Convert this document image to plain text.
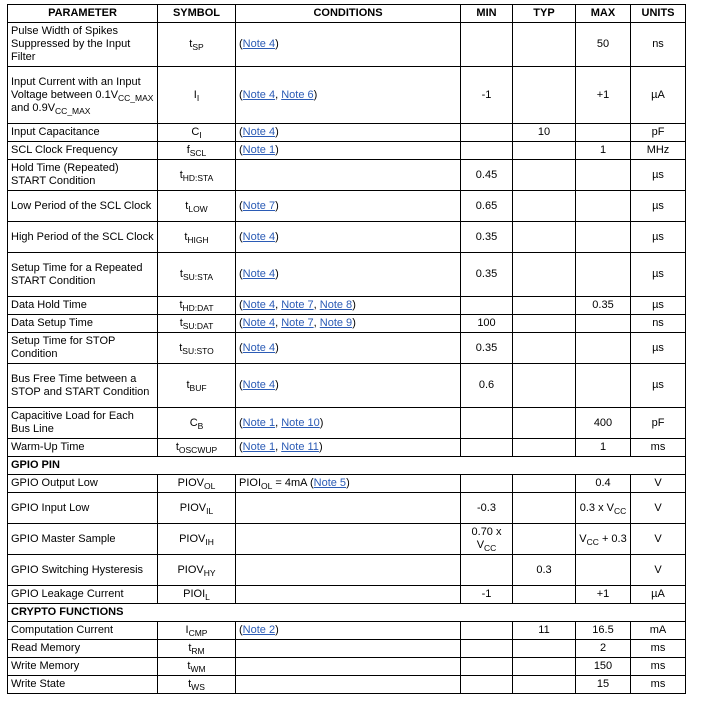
PARAMETER	SYMBOL	CONDITIONS	MIN	TYP	MAX	UNITS
Pulse Width of Spikes Suppressed by the Input Filter	$t_{SP}$	(Note 4)			50	ns
Input Current with an Input Voltage between $0.1V_{CC\_MAX}$ and $0.9V_{CC\_MAX}$	$I_I$	(Note 4, Note 6)	-1		+1	µA
Input Capacitance	$C_I$	(Note 4)		10		pF
SCL Clock Frequency	$f_{SCL}$	(Note 1)			1	MHz
Hold Time (Repeated) START Condition	$t_{HD:STA}$		0.45			µs
Low Period of the SCL Clock	$t_{LOW}$	(Note 7)	0.65			µs
High Period of the SCL Clock	$t_{HIGH}$	(Note 4)	0.35			µs
Setup Time for a Repeated START Condition	$t_{SU:STA}$	(Note 4)	0.35			µs
Data Hold Time	$t_{HD:DAT}$	(Note 4, Note 7, Note 8)			0.35	µs
Data Setup Time	$t_{SU:DAT}$	(Note 4, Note 7, Note 9)	100			ns
Setup Time for STOP Condition	$t_{SU:STO}$	(Note 4)	0.35			µs
Bus Free Time between a STOP and START Condition	$t_{BUF}$	(Note 4)	0.6			µs
Capacitive Load for Each Bus Line	$C_B$	(Note 1, Note 10)			400	pF
Warm-Up Time	$t_{OSCWUP}$	(Note 1, Note 11)			1	ms
GPIO PIN						
GPIO Output Low	$PIOV_{OL}$	$PIOI_{OL} = 4mA$ (Note 5)			0.4	V
GPIO Input Low	$PIOV_{IL}$		-0.3		0.3 x $V_{CC}$	V
GPIO Master Sample	$PIOV_{IH}$		0.70 x $V_{CC}$		$V_{CC} + 0.3$	V
GPIO Switching Hysteresis	$PIOV_{HY}$			0.3		V
GPIO Leakage Current	$PIOI_L$		-1		+1	µA
CRYPTO FUNCTIONS						
Computation Current	$I_{CMP}$	(Note 2)		11	16.5	mA
Read Memory	$t_{RM}$				2	ms
Write Memory	$t_{WM}$				150	ms
Write State	$t_{WS}$				15	ms
